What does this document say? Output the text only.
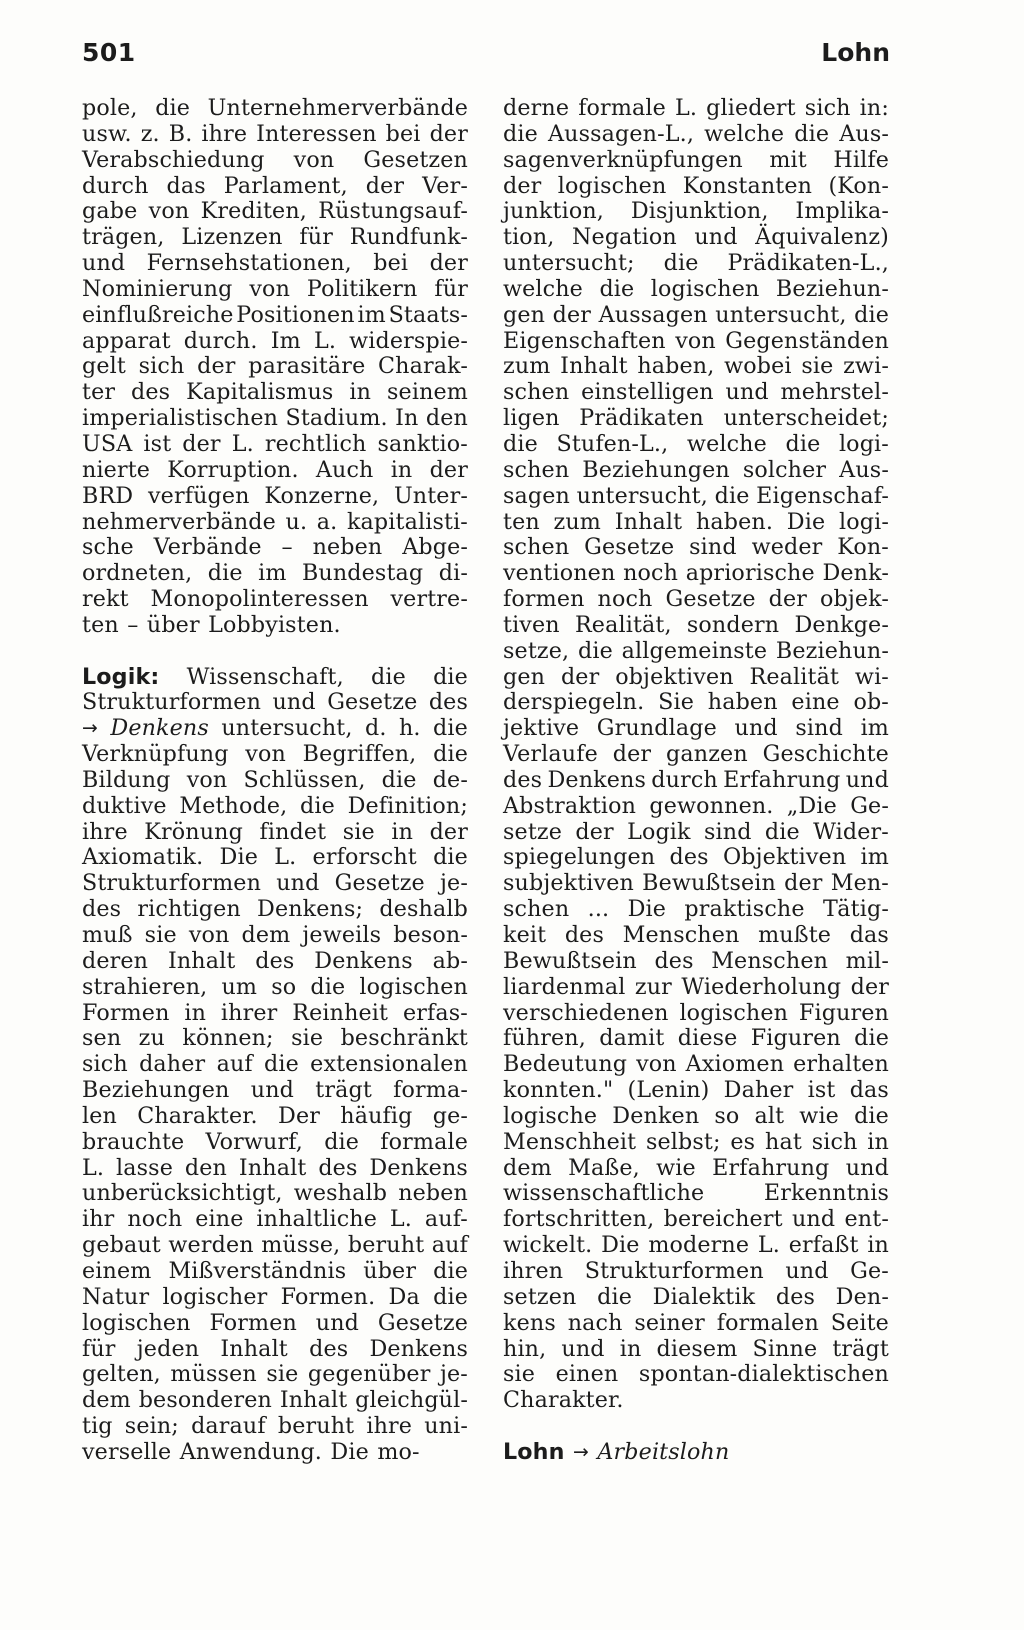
501	Lohn
pole, die Unternehmerverbände
usw. z. B. ihre Interessen bei der
Verabschiedung von Gesetzen
durch das Parlament, der Ver-
gabe von Krediten, Rüstungsauf-
trägen, Lizenzen für Rundfunk-
und Fernsehstationen, bei der
Nominierung von Politikern für
einflußreiche Positionen im Staats-
apparat durch. Im L. widerspie-
gelt sich der parasitäre Charak-
ter des Kapitalismus in seinem
imperialistischen Stadium. In den
USA ist der L. rechtlich sanktio-
nierte Korruption. Auch in der
BRD verfügen Konzerne, Unter-
nehmerverbände u. a. kapitalisti-
sche Verbände – neben Abge-
ordneten, die im Bundestag di-
rekt Monopolinteressen vertre-
ten – über Lobbyisten.
Logik: Wissenschaft, die die
Strukturformen und Gesetze des
→ Denkens untersucht, d. h. die
Verknüpfung von Begriffen, die
Bildung von Schlüssen, die de-
duktive Methode, die Definition;
ihre Krönung findet sie in der
Axiomatik. Die L. erforscht die
Strukturformen und Gesetze je-
des richtigen Denkens; deshalb
muß sie von dem jeweils beson-
deren Inhalt des Denkens ab-
strahieren, um so die logischen
Formen in ihrer Reinheit erfas-
sen zu können; sie beschränkt
sich daher auf die extensionalen
Beziehungen und trägt forma-
len Charakter. Der häufig ge-
brauchte Vorwurf, die formale
L. lasse den Inhalt des Denkens
unberücksichtigt, weshalb neben
ihr noch eine inhaltliche L. auf-
gebaut werden müsse, beruht auf
einem Mißverständnis über die
Natur logischer Formen. Da die
logischen Formen und Gesetze
für jeden Inhalt des Denkens
gelten, müssen sie gegenüber je-
dem besonderen Inhalt gleichgül-
tig sein; darauf beruht ihre uni-
verselle Anwendung. Die mo-
derne formale L. gliedert sich in:
die Aussagen-L., welche die Aus-
sagenverknüpfungen mit Hilfe
der logischen Konstanten (Kon-
junktion, Disjunktion, Implika-
tion, Negation und Äquivalenz)
untersucht; die Prädikaten-L.,
welche die logischen Beziehun-
gen der Aussagen untersucht, die
Eigenschaften von Gegenständen
zum Inhalt haben, wobei sie zwi-
schen einstelligen und mehrstel-
ligen Prädikaten unterscheidet;
die Stufen-L., welche die logi-
schen Beziehungen solcher Aus-
sagen untersucht, die Eigenschaf-
ten zum Inhalt haben. Die logi-
schen Gesetze sind weder Kon-
ventionen noch apriorische Denk-
formen noch Gesetze der objek-
tiven Realität, sondern Denkge-
setze, die allgemeinste Beziehun-
gen der objektiven Realität wi-
derspiegeln. Sie haben eine ob-
jektive Grundlage und sind im
Verlaufe der ganzen Geschichte
des Denkens durch Erfahrung und
Abstraktion gewonnen. „Die Ge-
setze der Logik sind die Wider-
spiegelungen des Objektiven im
subjektiven Bewußtsein der Men-
schen ... Die praktische Tätig-
keit des Menschen mußte das
Bewußtsein des Menschen mil-
liardenmal zur Wiederholung der
verschiedenen logischen Figuren
führen, damit diese Figuren die
Bedeutung von Axiomen erhalten
konnten." (Lenin) Daher ist das
logische Denken so alt wie die
Menschheit selbst; es hat sich in
dem Maße, wie Erfahrung und
wissenschaftliche	Erkenntnis
fortschritten, bereichert und ent-
wickelt. Die moderne L. erfaßt in
ihren Strukturformen und Ge-
setzen die Dialektik des Den-
kens nach seiner formalen Seite
hin, und in diesem Sinne trägt
sie einen spontan-dialektischen
Charakter.
Lohn → Arbeitslohn
